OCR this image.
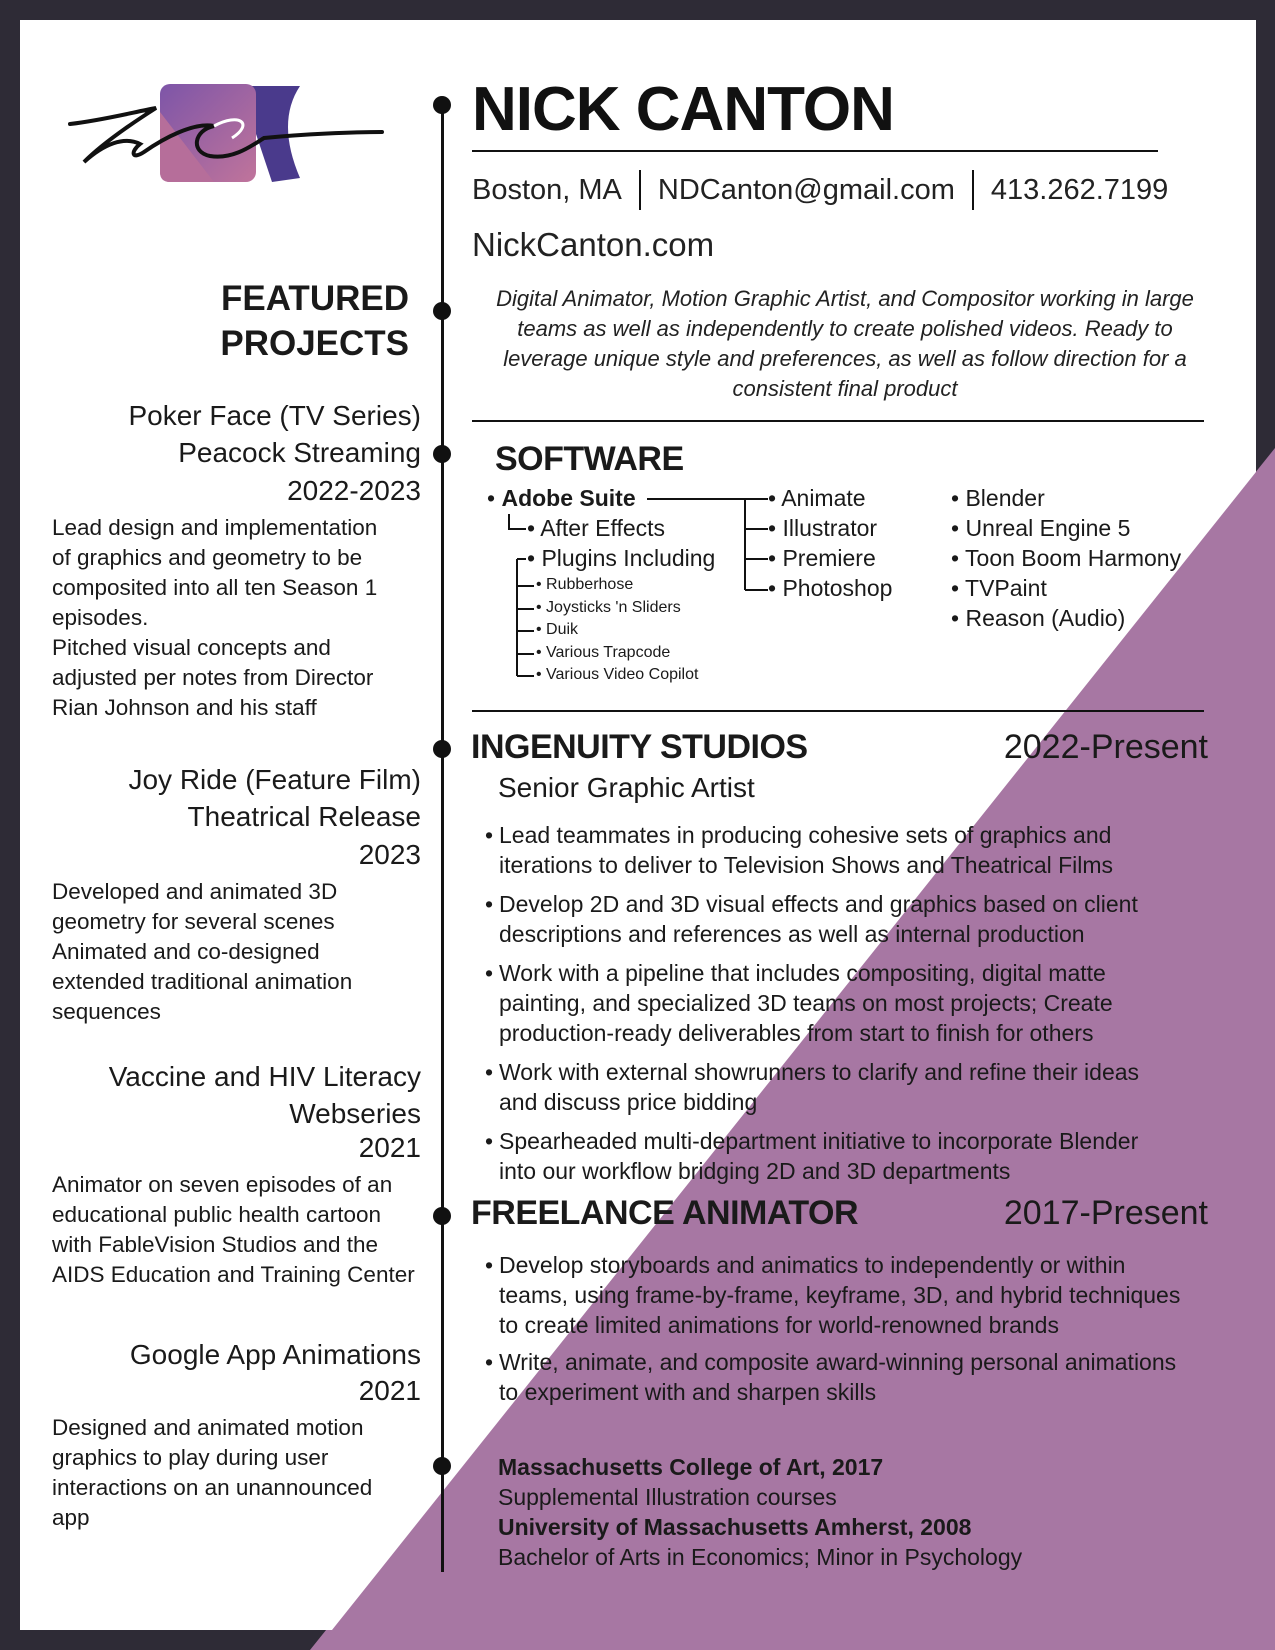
NICK CANTON
Boston, MA NDCanton@gmail.com 413.262.7199
NickCanton.com
Digital Animator, Motion Graphic Artist, and Compositor working in large teams as well as independently to create polished videos. Ready to leverage unique style and preferences, as well as follow direction for a consistent final product
SOFTWARE
• Adobe Suite
• After Effects
• Plugins Including
• Rubberhose
• Joysticks 'n Sliders
• Duik
• Various Trapcode
• Various Video Copilot
• Animate
• Illustrator
• Premiere
• Photoshop
• Blender
• Unreal Engine 5
• Toon Boom Harmony
• TVPaint
• Reason (Audio)
INGENUITY STUDIOS	2022-Present
Senior Graphic Artist
• Lead teammates in producing cohesive sets of graphics and
iterations to deliver to Television Shows and Theatrical Films
• Develop 2D and 3D visual effects and graphics based on client
descriptions and references as well as internal production
• Work with a pipeline that includes compositing, digital matte
painting, and specialized 3D teams on most projects; Create
production-ready deliverables from start to finish for others
• Work with external showrunners to clarify and refine their ideas
and discuss price bidding
• Spearheaded multi-department initiative to incorporate Blender
into our workflow bridging 2D and 3D departments
FREELANCE ANIMATOR	2017-Present
• Develop storyboards and animatics to independently or within
teams, using frame-by-frame, keyframe, 3D, and hybrid techniques
to create limited animations for world-renowned brands
• Write, animate, and composite award-winning personal animations
to experiment with and sharpen skills
Massachusetts College of Art, 2017
Supplemental Illustration courses
University of Massachusetts Amherst, 2008
Bachelor of Arts in Economics; Minor in Psychology
FEATURED
PROJECTS
Poker Face (TV Series)
Peacock Streaming
2022-2023
Lead design and implementation
of graphics and geometry to be
composited into all ten Season 1
episodes.
Pitched visual concepts and
adjusted per notes from Director
Rian Johnson and his staff
Joy Ride (Feature Film)
Theatrical Release
2023
Developed and animated 3D
geometry for several scenes
Animated and co-designed
extended traditional animation
sequences
Vaccine and HIV Literacy
Webseries
2021
Animator on seven episodes of an
educational public health cartoon
with FableVision Studios and the
AIDS Education and Training Center
Google App Animations
2021
Designed and animated motion
graphics to play during user
interactions on an unannounced
app
